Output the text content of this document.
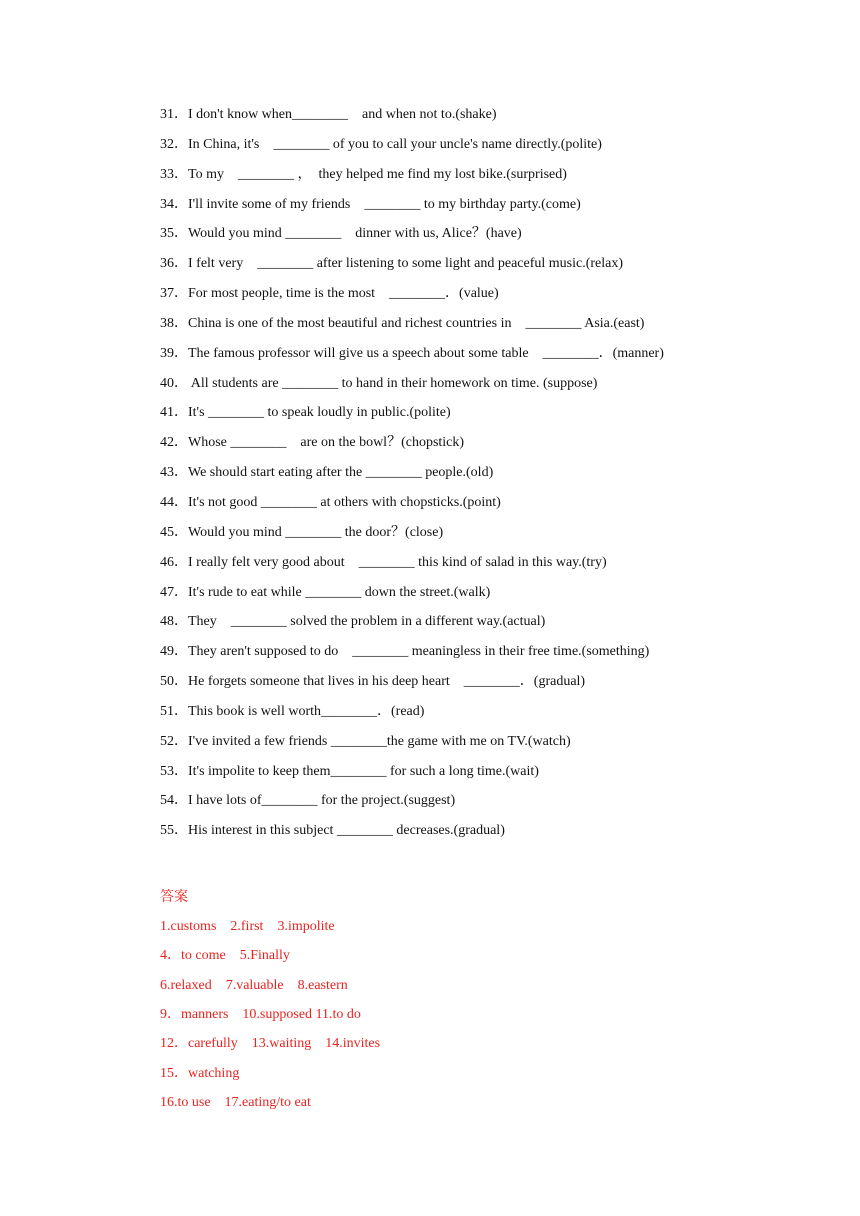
31．I don't know when________    and when not to.(shake)

32．In China, it's    ________ of you to call your uncle's name directly.(polite)

33．To my    ________ ，  they helped me find my lost bike.(surprised)

34．I'll invite some of my friends    ________ to my birthday party.(come)

35．Would you mind ________    dinner with us, Alice？(have)

36．I felt very    ________ after listening to some light and peaceful music.(relax)

37．For most people, time is the most    ________．(value)

38．China is one of the most beautiful and richest countries in    ________ Asia.(east)

39．The famous professor will give us a speech about some table    ________．(manner)

40． All students are ________ to hand in their homework on time. (suppose)

41．It's ________ to speak loudly in public.(polite)

42．Whose ________    are on the bowl？(chopstick)

43．We should start eating after the ________ people.(old)

44．It's not good ________ at others with chopsticks.(point)

45．Would you mind ________ the door？(close)

46．I really felt very good about    ________ this kind of salad in this way.(try)

47．It's rude to eat while ________ down the street.(walk)

48．They    ________ solved the problem in a different way.(actual)

49．They aren't supposed to do    ________ meaningless in their free time.(something)

50．He forgets someone that lives in his deep heart    ________．(gradual)

51．This book is well worth________．(read)

52．I've invited a few friends ________the game with me on TV.(watch)

53．It's impolite to keep them________ for such a long time.(wait)

54．I have lots of________ for the project.(suggest)

55．His interest in this subject ________ decreases.(gradual)

答案

1.customs    2.first    3.impolite

4．to come    5.Finally

6.relaxed    7.valuable    8.eastern

9．manners    10.supposed 11.to do

12．carefully    13.waiting    14.invites

15．watching

16.to use    17.eating/to eat
